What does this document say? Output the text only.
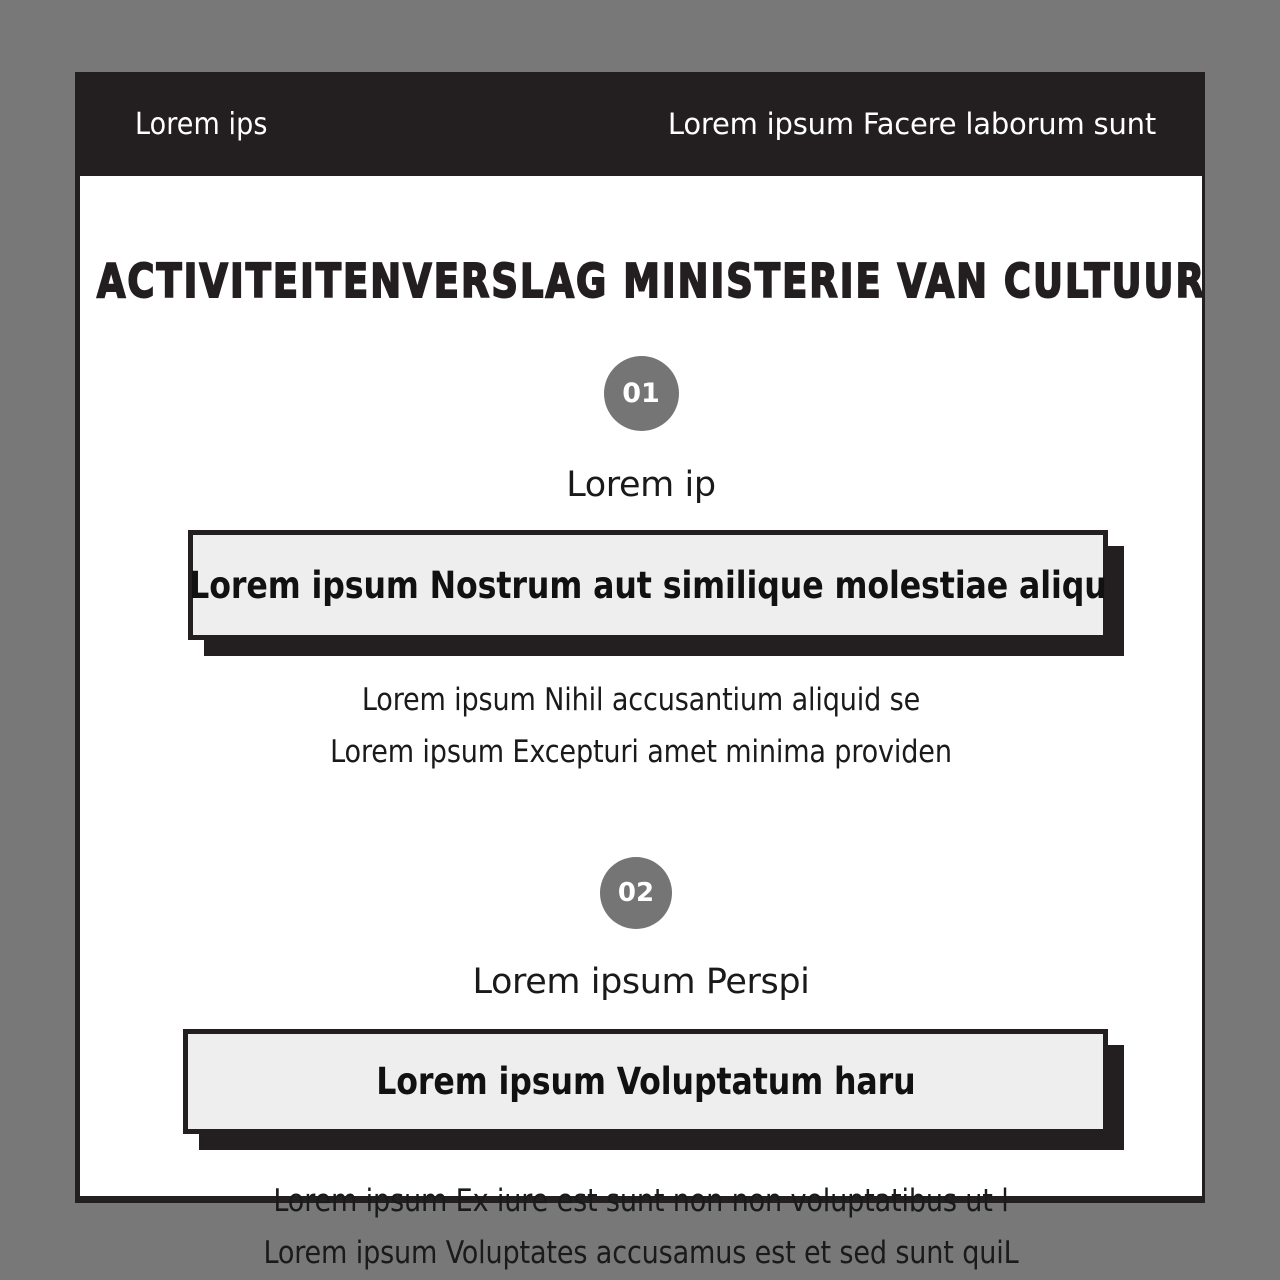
Lorem ips	Lorem ipsum Facere laborum sunt
ACTIVITEITENVERSLAG MINISTERIE VAN CULTUUR
01
Lorem ip
Lorem ipsum Nostrum aut similique molestiae aliqu
Lorem ipsum Nihil accusantium aliquid se
Lorem ipsum Excepturi amet minima providen
02
Lorem ipsum Perspi
Lorem ipsum Voluptatum haru
Lorem ipsum Ex iure est sunt non non voluptatibus ut l
Lorem ipsum Voluptates accusamus est et sed sunt quiL
